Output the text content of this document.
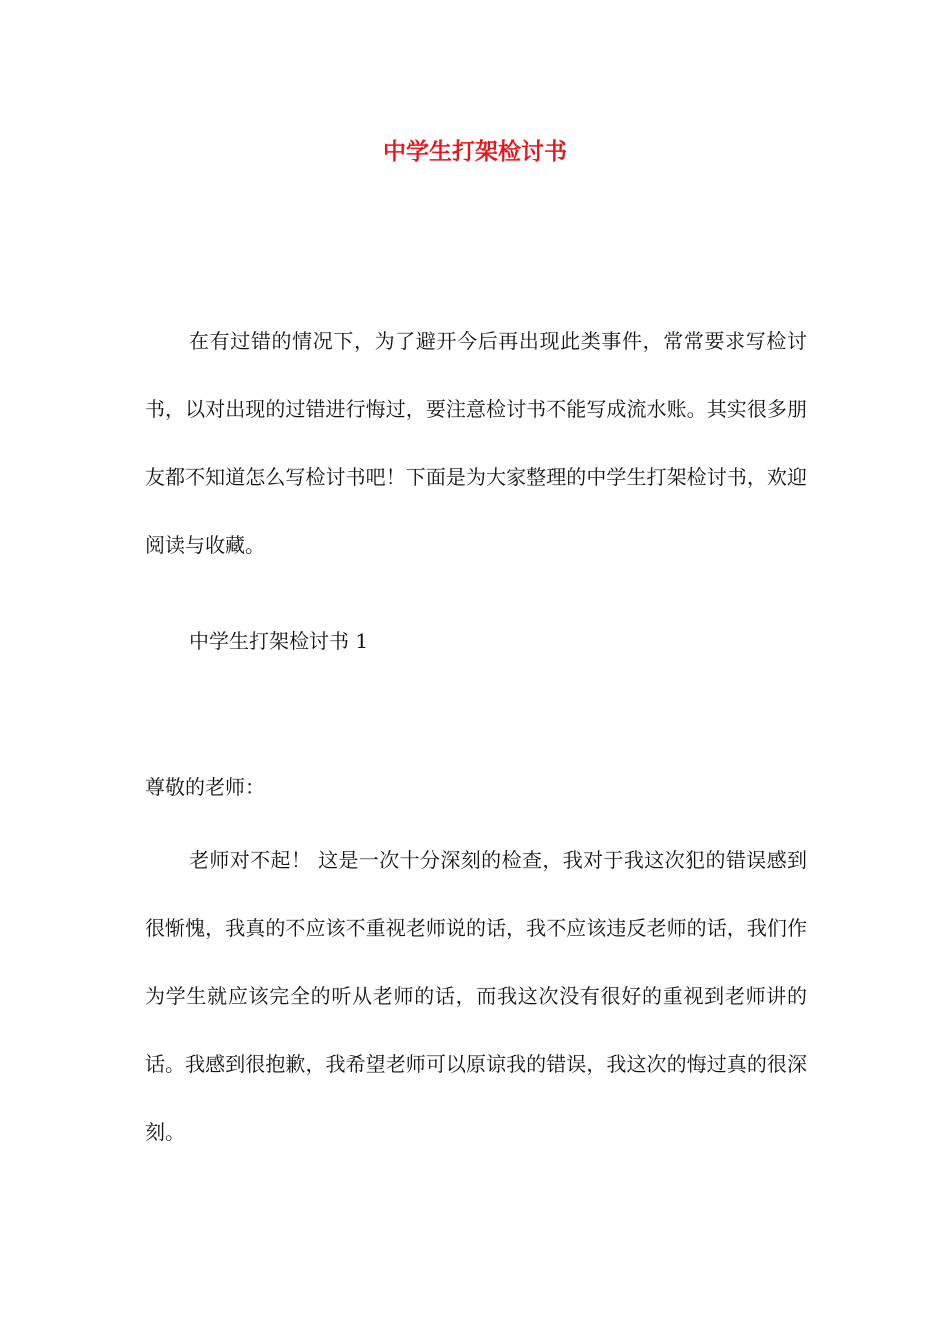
中学生打架检讨书

在有过错的情况下，为了避开今后再出现此类事件，常常要求写检讨书，以对出现的过错进行悔过，要注意检讨书不能写成流水账。其实很多朋友都不知道怎么写检讨书吧！下面是为大家整理的中学生打架检讨书，欢迎阅读与收藏。

中学生打架检讨书 1

尊敬的老师：

老师对不起！ 这是一次十分深刻的检查，我对于我这次犯的错误感到很惭愧，我真的不应该不重视老师说的话，我不应该违反老师的话，我们作为学生就应该完全的听从老师的话，而我这次没有很好的重视到老师讲的话。我感到很抱歉，我希望老师可以原谅我的错误，我这次的悔过真的很深刻。
